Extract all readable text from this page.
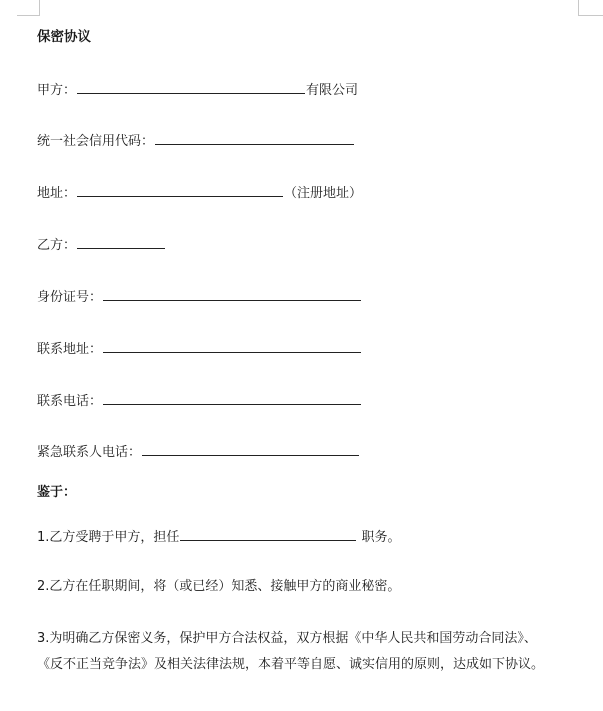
保密协议
甲方：	有限公司
统一社会信用代码：
地址：	（注册地址）
乙方：
身份证号：
联系地址：
联系电话：
紧急联系人电话：
鉴于：
1.乙方受聘于甲方，担任	职务。
2.乙方在任职期间，将（或已经）知悉、接触甲方的商业秘密。
3.为明确乙方保密义务，保护甲方合法权益，双方根据《中华人民共和国劳动合同法》、
《反不正当竞争法》及相关法律法规，本着平等自愿、诚实信用的原则，达成如下协议。
